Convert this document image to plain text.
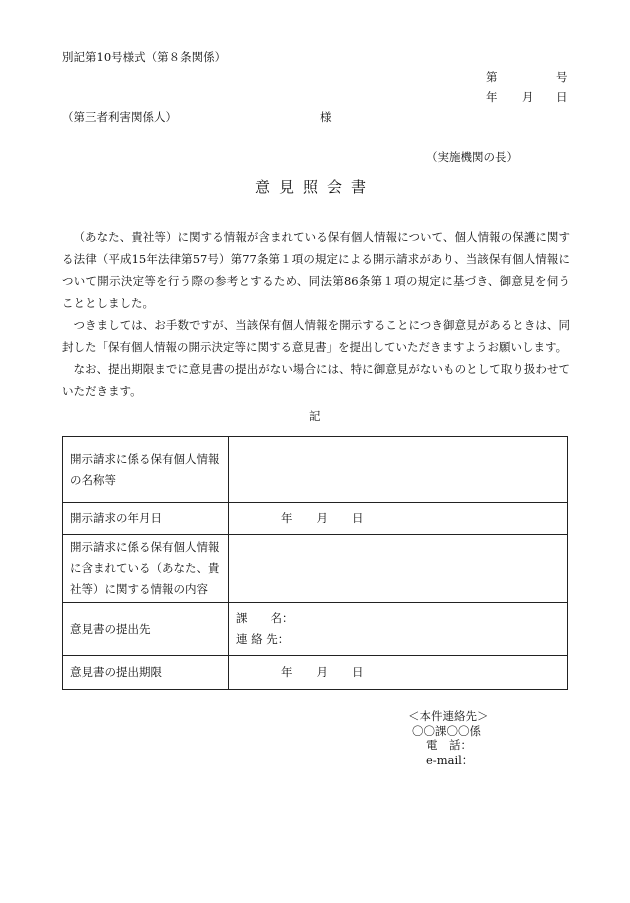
別記第10号様式（第８条関係）
第	号
年 月 日
（第三者利害関係人）	様
（実施機関の長）
意見照会書

（あなた、貴社等）に関する情報が含まれている保有個人情報について、個人情報の保護に関する法律（平成15年法律第57号）第77条第１項の規定による開示請求があり、当該保有個人情報について開示決定等を行う際の参考とするため、同法第86条第１項の規定に基づき、御意見を伺うこととしました。

つきましては、お手数ですが、当該保有個人情報を開示することにつき御意見があるときは、同封した「保有個人情報の開示決定等に関する意見書」を提出していただきますようお願いします。

なお、提出期限までに意見書の提出がない場合には、特に御意見がないものとして取り扱わせていただきます。

記
開示請求に係る保有個人情報の名称等	
開示請求の年月日	年 月 日
開示請求に係る保有個人情報に含まれている（あなた、貴社等）に関する情報の内容	
意見書の提出先	課　　名：
連 絡 先：

意見書の提出期限	年 月 日
＜本件連絡先＞
〇〇課〇〇係
電　話：
e-mail：
